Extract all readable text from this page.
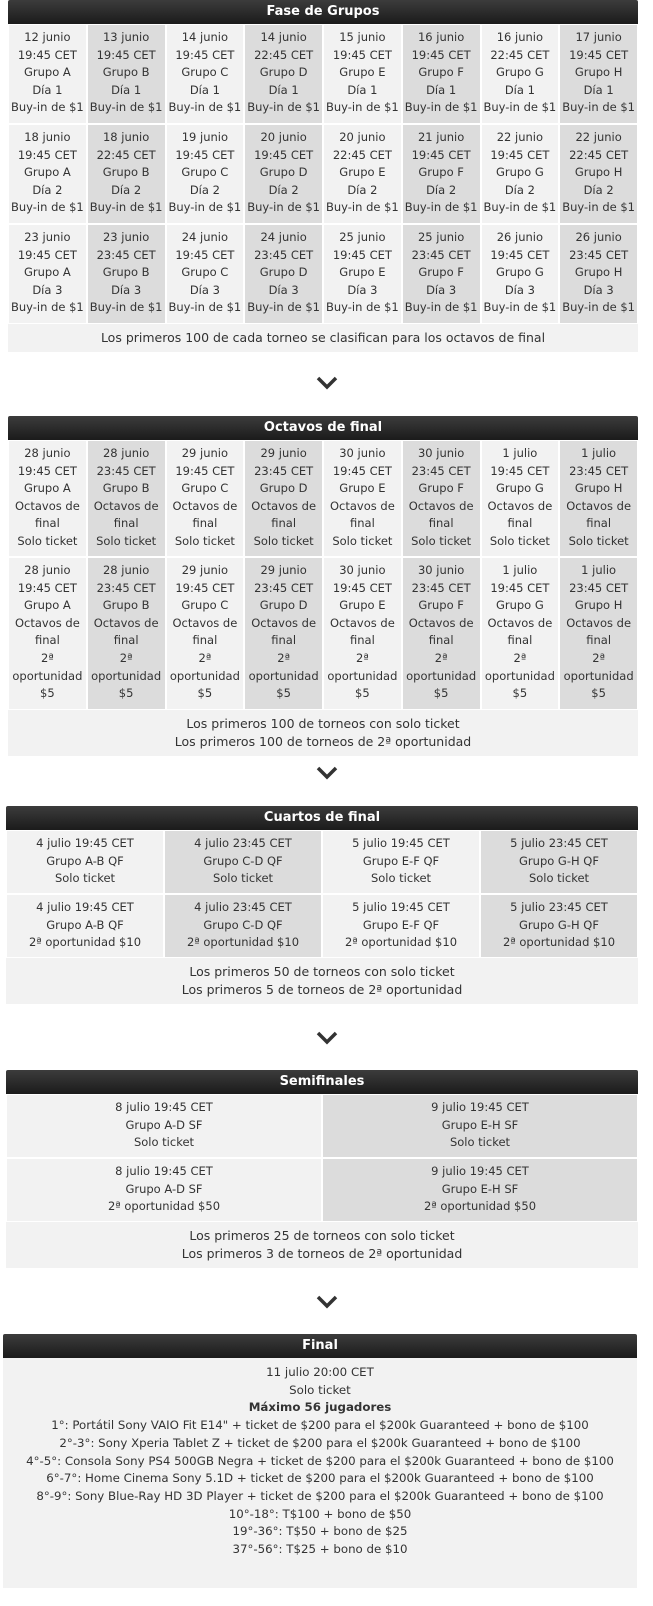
Fase de Grupos
12 junio
19:45 CET
Grupo A
Día 1
Buy-in de $1
13 junio
19:45 CET
Grupo B
Día 1
Buy-in de $1
14 junio
19:45 CET
Grupo C
Día 1
Buy-in de $1
14 junio
22:45 CET
Grupo D
Día 1
Buy-in de $1
15 junio
19:45 CET
Grupo E
Día 1
Buy-in de $1
16 junio
19:45 CET
Grupo F
Día 1
Buy-in de $1
16 junio
22:45 CET
Grupo G
Día 1
Buy-in de $1
17 junio
19:45 CET
Grupo H
Día 1
Buy-in de $1
18 junio
19:45 CET
Grupo A
Día 2
Buy-in de $1
18 junio
22:45 CET
Grupo B
Día 2
Buy-in de $1
19 junio
19:45 CET
Grupo C
Día 2
Buy-in de $1
20 junio
19:45 CET
Grupo D
Día 2
Buy-in de $1
20 junio
22:45 CET
Grupo E
Día 2
Buy-in de $1
21 junio
19:45 CET
Grupo F
Día 2
Buy-in de $1
22 junio
19:45 CET
Grupo G
Día 2
Buy-in de $1
22 junio
22:45 CET
Grupo H
Día 2
Buy-in de $1
23 junio
19:45 CET
Grupo A
Día 3
Buy-in de $1
23 junio
23:45 CET
Grupo B
Día 3
Buy-in de $1
24 junio
19:45 CET
Grupo C
Día 3
Buy-in de $1
24 junio
23:45 CET
Grupo D
Día 3
Buy-in de $1
25 junio
19:45 CET
Grupo E
Día 3
Buy-in de $1
25 junio
23:45 CET
Grupo F
Día 3
Buy-in de $1
26 junio
19:45 CET
Grupo G
Día 3
Buy-in de $1
26 junio
23:45 CET
Grupo H
Día 3
Buy-in de $1
Los primeros 100 de cada torneo se clasifican para los octavos de final
Octavos de final
28 junio
19:45 CET
Grupo A
Octavos de
final
Solo ticket
28 junio
23:45 CET
Grupo B
Octavos de
final
Solo ticket
29 junio
19:45 CET
Grupo C
Octavos de
final
Solo ticket
29 junio
23:45 CET
Grupo D
Octavos de
final
Solo ticket
30 junio
19:45 CET
Grupo E
Octavos de
final
Solo ticket
30 junio
23:45 CET
Grupo F
Octavos de
final
Solo ticket
1 julio
19:45 CET
Grupo G
Octavos de
final
Solo ticket
1 julio
23:45 CET
Grupo H
Octavos de
final
Solo ticket
28 junio
19:45 CET
Grupo A
Octavos de
final
2ª
oportunidad
$5
28 junio
23:45 CET
Grupo B
Octavos de
final
2ª
oportunidad
$5
29 junio
19:45 CET
Grupo C
Octavos de
final
2ª
oportunidad
$5
29 junio
23:45 CET
Grupo D
Octavos de
final
2ª
oportunidad
$5
30 junio
19:45 CET
Grupo E
Octavos de
final
2ª
oportunidad
$5
30 junio
23:45 CET
Grupo F
Octavos de
final
2ª
oportunidad
$5
1 julio
19:45 CET
Grupo G
Octavos de
final
2ª
oportunidad
$5
1 julio
23:45 CET
Grupo H
Octavos de
final
2ª
oportunidad
$5
Los primeros 100 de torneos con solo ticket
Los primeros 100 de torneos de 2ª oportunidad
Cuartos de final
4 julio 19:45 CET
Grupo A-B QF
Solo ticket
4 julio 23:45 CET
Grupo C-D QF
Solo ticket
5 julio 19:45 CET
Grupo E-F QF
Solo ticket
5 julio 23:45 CET
Grupo G-H QF
Solo ticket
4 julio 19:45 CET
Grupo A-B QF
2ª oportunidad $10
4 julio 23:45 CET
Grupo C-D QF
2ª oportunidad $10
5 julio 19:45 CET
Grupo E-F QF
2ª oportunidad $10
5 julio 23:45 CET
Grupo G-H QF
2ª oportunidad $10
Los primeros 50 de torneos con solo ticket
Los primeros 5 de torneos de 2ª oportunidad
Semifinales
8 julio 19:45 CET
Grupo A-D SF
Solo ticket
9 julio 19:45 CET
Grupo E-H SF
Solo ticket
8 julio 19:45 CET
Grupo A-D SF
2ª oportunidad $50
9 julio 19:45 CET
Grupo E-H SF
2ª oportunidad $50
Los primeros 25 de torneos con solo ticket
Los primeros 3 de torneos de 2ª oportunidad
Final
11 julio 20:00 CET
Solo ticket
Máximo 56 jugadores
1°: Portátil Sony VAIO Fit E14" + ticket de $200 para el $200k Guaranteed + bono de $100
2°-3°: Sony Xperia Tablet Z + ticket de $200 para el $200k Guaranteed + bono de $100
4°-5°: Consola Sony PS4 500GB Negra + ticket de $200 para el $200k Guaranteed + bono de $100
6°-7°: Home Cinema Sony 5.1D + ticket de $200 para el $200k Guaranteed + bono de $100
8°-9°: Sony Blue-Ray HD 3D Player + ticket de $200 para el $200k Guaranteed + bono de $100
10°-18°: T$100 + bono de $50
19°-36°: T$50 + bono de $25
37°-56°: T$25 + bono de $10
